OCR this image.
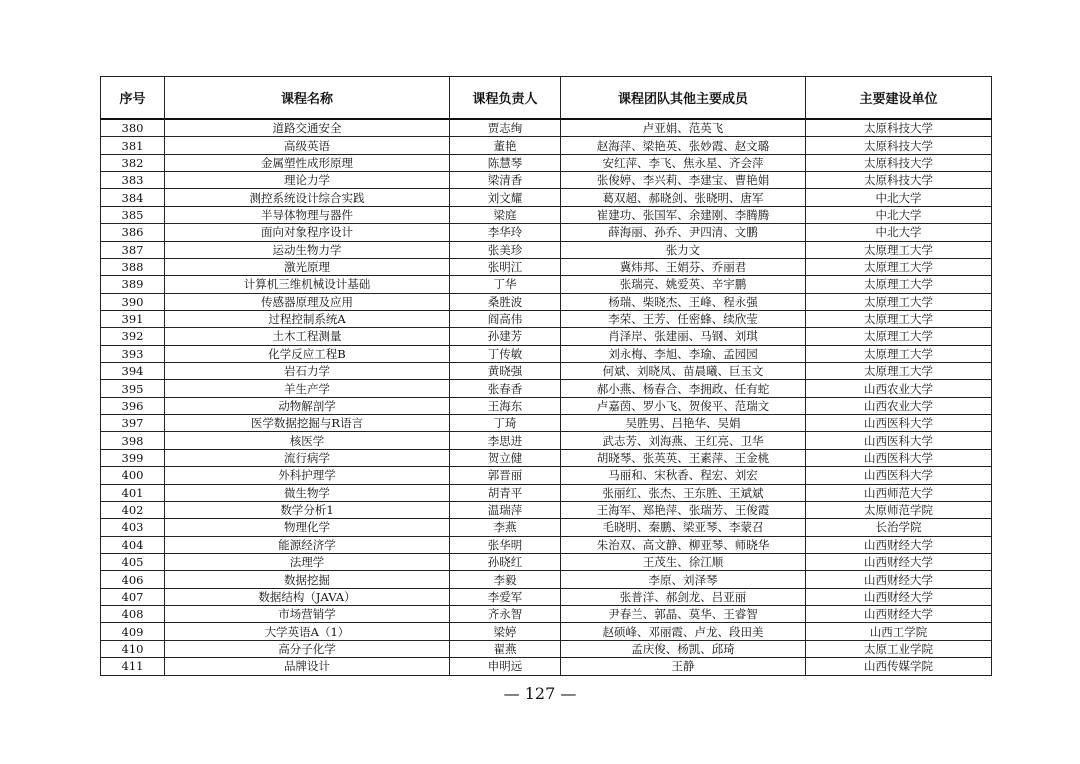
序号	课程名称	课程负责人	课程团队其他主要成员	主要建设单位
380	道路交通安全	贾志绚	卢亚娟、范英飞	太原科技大学
381	高级英语	董艳	赵海萍、梁艳英、张妙霞、赵文璐	太原科技大学
382	金属塑性成形原理	陈慧琴	安红萍、李飞、焦永星、齐会萍	太原科技大学
383	理论力学	梁清香	张俊婷、李兴莉、李建宝、曹艳娟	太原科技大学
384	测控系统设计综合实践	刘文耀	葛双超、郝晓剑、张晓明、唐军	中北大学
385	半导体物理与器件	梁庭	崔建功、张国军、余建刚、李腾腾	中北大学
386	面向对象程序设计	李华玲	薛海丽、孙乔、尹四清、文鹏	中北大学
387	运动生物力学	张美珍	张力文	太原理工大学
388	激光原理	张明江	冀炜邦、王娟芬、乔丽君	太原理工大学
389	计算机三维机械设计基础	丁华	张瑞亮、姚爱英、辛宇鹏	太原理工大学
390	传感器原理及应用	桑胜波	杨瑞、柴晓杰、王峰、程永强	太原理工大学
391	过程控制系统A	阎高伟	李荣、王芳、任密蜂、续欣莹	太原理工大学
392	土木工程测量	孙建芳	肖泽岸、张建丽、马钢、刘琪	太原理工大学
393	化学反应工程B	丁传敏	刘永梅、李旭、李瑜、孟园园	太原理工大学
394	岩石力学	黄晓强	何斌、刘晓凤、苗晨曦、巨玉文	太原理工大学
395	羊生产学	张春香	郝小燕、杨春合、李拥政、任有蛇	山西农业大学
396	动物解剖学	王海东	卢嘉茵、罗小飞、贺俊平、范瑞文	山西农业大学
397	医学数据挖掘与R语言	丁琦	吴胜男、吕艳华、吴娟	山西医科大学
398	核医学	李思进	武志芳、刘海燕、王红亮、卫华	山西医科大学
399	流行病学	贺立健	胡晓琴、张英英、王素萍、王金桃	山西医科大学
400	外科护理学	郭晋丽	马丽和、宋秋香、程宏、刘宏	山西医科大学
401	微生物学	胡青平	张丽红、张杰、王东胜、王斌斌	山西师范大学
402	数学分析1	温瑞萍	王海军、郑艳萍、张瑞芳、王俊霞	太原师范学院
403	物理化学	李燕	毛晓明、秦鹏、梁亚琴、李蒙召	长治学院
404	能源经济学	张华明	朱治双、高文静、柳亚琴、师晓华	山西财经大学
405	法理学	孙晓红	王茂生、徐江顺	山西财经大学
406	数据挖掘	李毅	李原、刘泽琴	山西财经大学
407	数据结构（JAVA）	李爱军	张普洋、郝剑龙、吕亚丽	山西财经大学
408	市场营销学	齐永智	尹春兰、郭晶、莫华、王睿智	山西财经大学
409	大学英语A（1）	梁婷	赵硕峰、邓丽霞、卢龙、段田美	山西工学院
410	高分子化学	翟燕	孟庆俊、杨凯、邱琦	太原工业学院
411	品牌设计	申明远	王静	山西传媒学院
— 127 —
